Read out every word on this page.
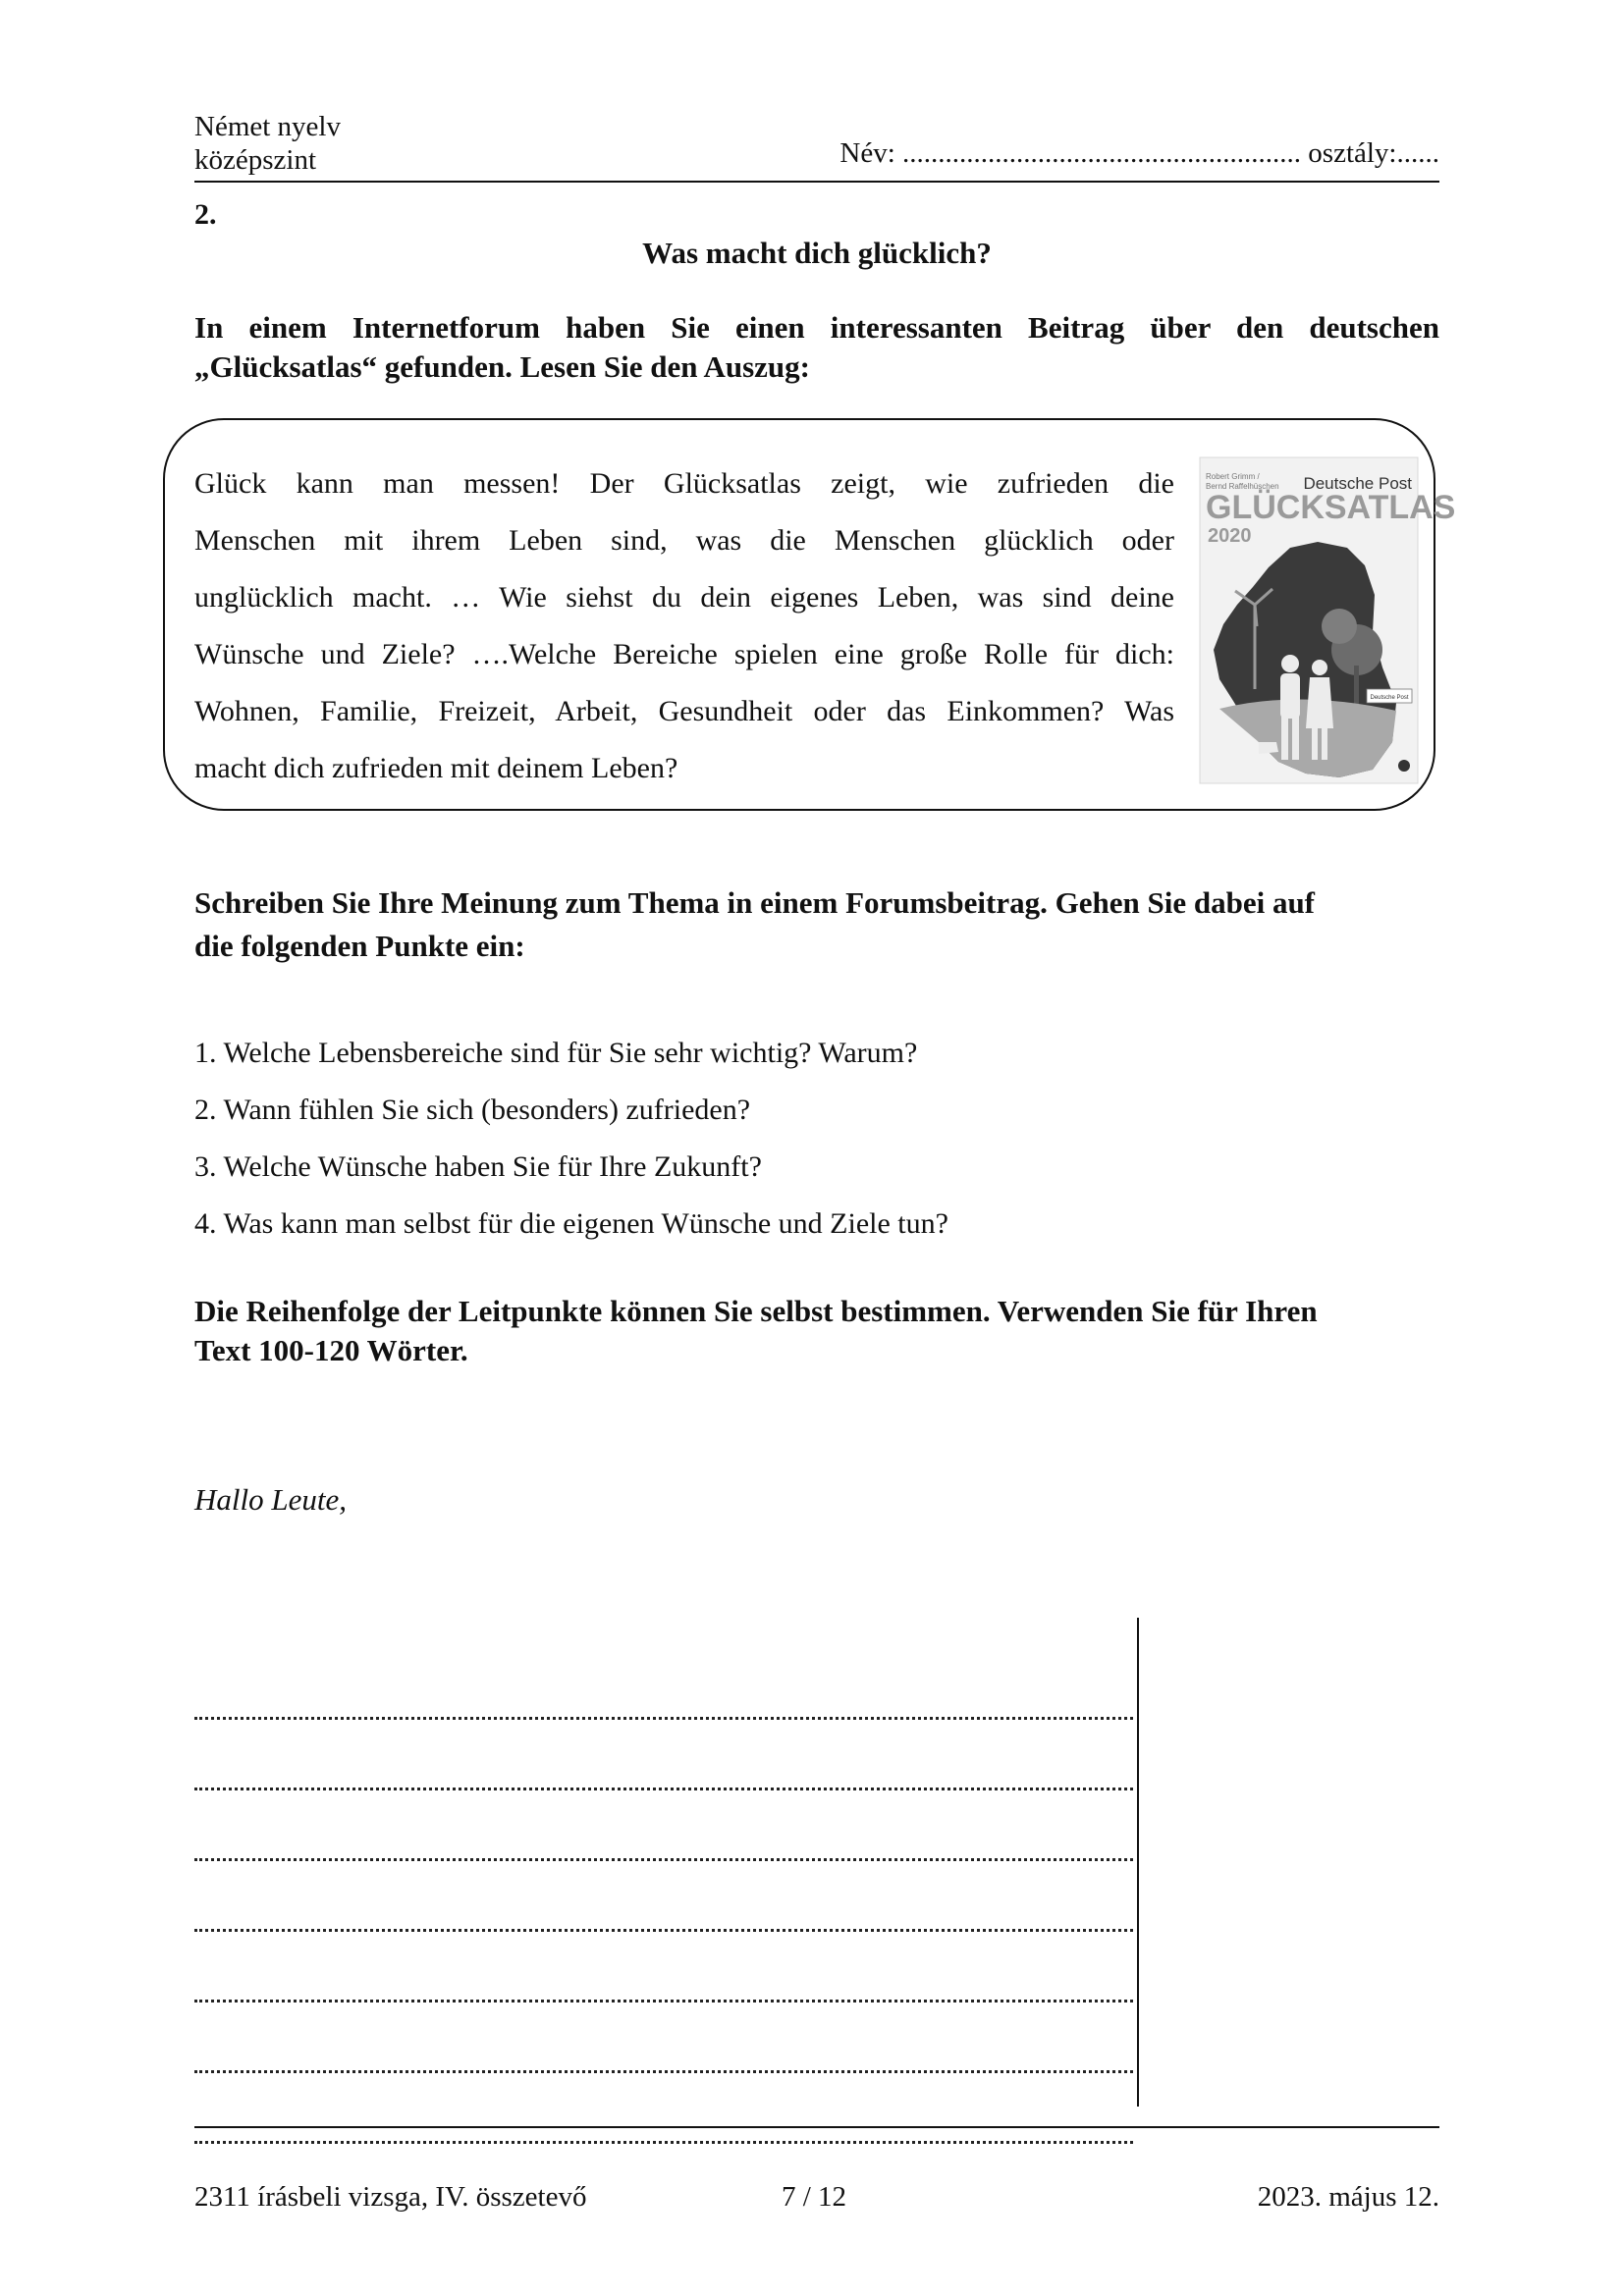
Német nyelv
középszint	Név: ........................................................ osztály:......
2.
Was macht dich glücklich?

In einem Internetforum haben Sie einen interessanten Beitrag über den deutschen

„Glücksatlas“ gefunden. Lesen Sie den Auszug:

Glück kann man messen! Der Glücksatlas zeigt, wie zufrieden die
Menschen mit ihrem Leben sind, was die Menschen glücklich oder
unglücklich macht. … Wie siehst du dein eigenes Leben, was sind deine
Wünsche und Ziele? ….Welche Bereiche spielen eine große Rolle für dich:
Wohnen, Familie, Freizeit, Arbeit, Gesundheit oder das Einkommen? Was
macht dich zufrieden mit deinem Leben?
Robert Grimm /
Bernd Raffelhüschen Deutsche Post
GLÜCKSATLAS
2020
Deutsche Post
Schreiben Sie Ihre Meinung zum Thema in einem Forumsbeitrag. Gehen Sie dabei auf
die folgenden Punkte ein:
1. Welche Lebensbereiche sind für Sie sehr wichtig? Warum?
2. Wann fühlen Sie sich (besonders) zufrieden?
3. Welche Wünsche haben Sie für Ihre Zukunft?
4. Was kann man selbst für die eigenen Wünsche und Ziele tun?
Die Reihenfolge der Leitpunkte können Sie selbst bestimmen. Verwenden Sie für Ihren
Text 100-120 Wörter.
Hallo Leute,
2311 írásbeli vizsga, IV. összetevő	7 / 12	2023. május 12.
